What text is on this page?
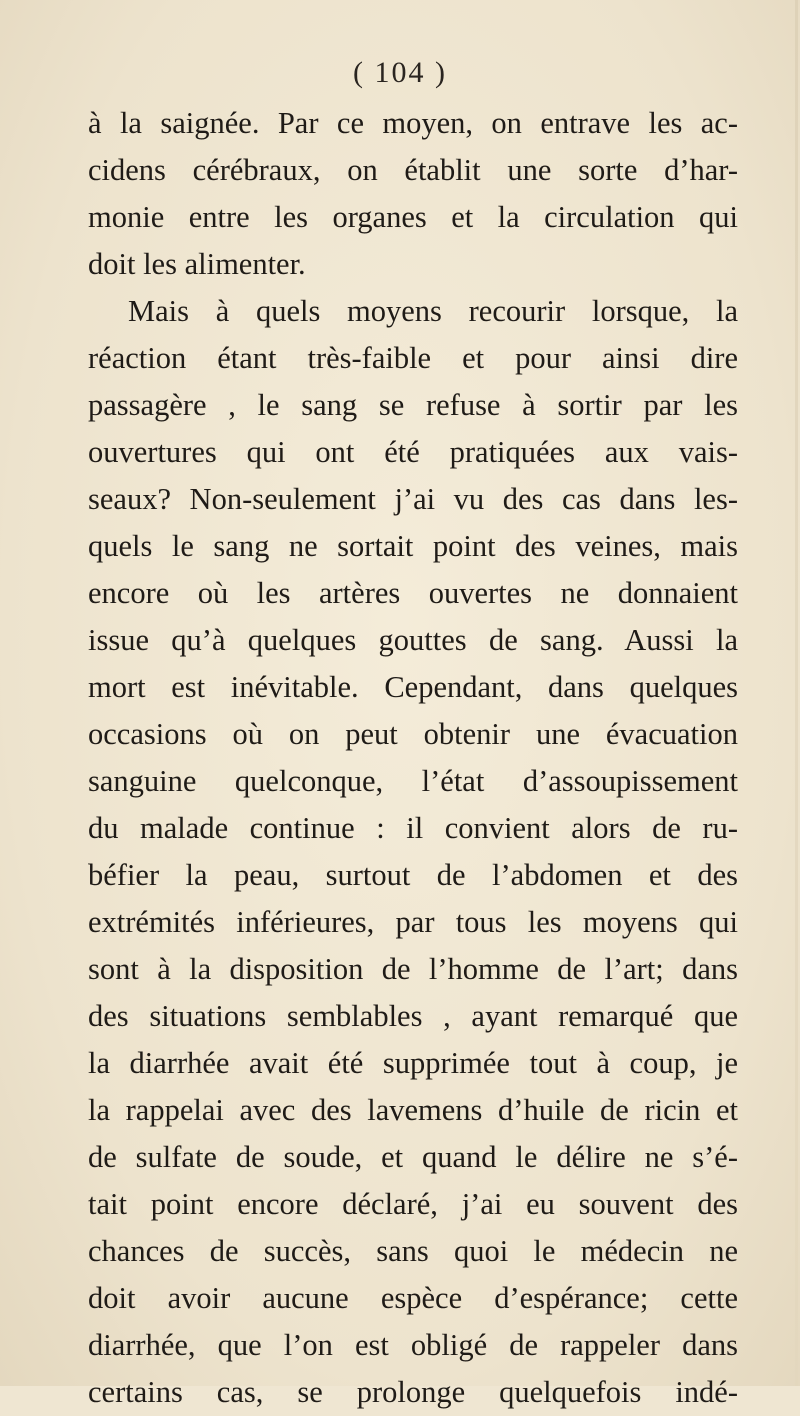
( 104 )
à la saignée. Par ce moyen, on entrave les ac-
cidens cérébraux, on établit une sorte d’har-
monie entre les organes et la circulation qui
doit les alimenter.
Mais à quels moyens recourir lorsque, la
réaction étant très-faible et pour ainsi dire
passagère , le sang se refuse à sortir par les
ouvertures qui ont été pratiquées aux vais-
seaux? Non-seulement j’ai vu des cas dans les-
quels le sang ne sortait point des veines, mais
encore où les artères ouvertes ne donnaient
issue qu’à quelques gouttes de sang. Aussi la
mort est inévitable. Cependant, dans quelques
occasions où on peut obtenir une évacuation
sanguine quelconque, l’état d’assoupissement
du malade continue : il convient alors de ru-
béfier la peau, surtout de l’abdomen et des
extrémités inférieures, par tous les moyens qui
sont à la disposition de l’homme de l’art; dans
des situations semblables , ayant remarqué que
la diarrhée avait été supprimée tout à coup, je
la rappelai avec des lavemens d’huile de ricin et
de sulfate de soude, et quand le délire ne s’é-
tait point encore déclaré, j’ai eu souvent des
chances de succès, sans quoi le médecin ne
doit avoir aucune espèce d’espérance; cette
diarrhée, que l’on est obligé de rappeler dans
certains cas, se prolonge quelquefois indé-
